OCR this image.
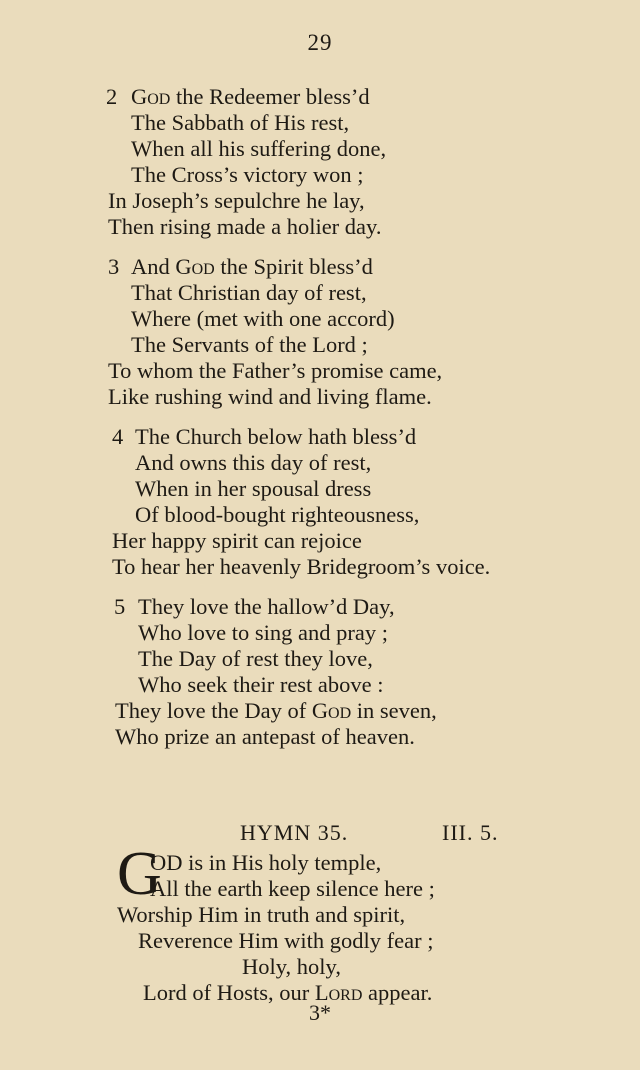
29
2 God the Redeemer bless’d
The Sabbath of His rest,
When all his suffering done,
The Cross’s victory won ;
In Joseph’s sepulchre he lay,
Then rising made a holier day.
3 And God the Spirit bless’d
That Christian day of rest,
Where (met with one accord)
The Servants of the Lord ;
To whom the Father’s promise came,
Like rushing wind and living flame.
4 The Church below hath bless’d
And owns this day of rest,
When in her spousal dress
Of blood-bought righteousness,
Her happy spirit can rejoice
To hear her heavenly Bridegroom’s voice.
5 They love the hallow’d Day,
Who love to sing and pray ;
The Day of rest they love,
Who seek their rest above :
They love the Day of God in seven,
Who prize an antepast of heaven.
HYMN 35.	III. 5.
G
OD is in His holy temple,
All the earth keep silence here ;
Worship Him in truth and spirit,
Reverence Him with godly fear ;
Holy, holy,
Lord of Hosts, our Lord appear.
3*
